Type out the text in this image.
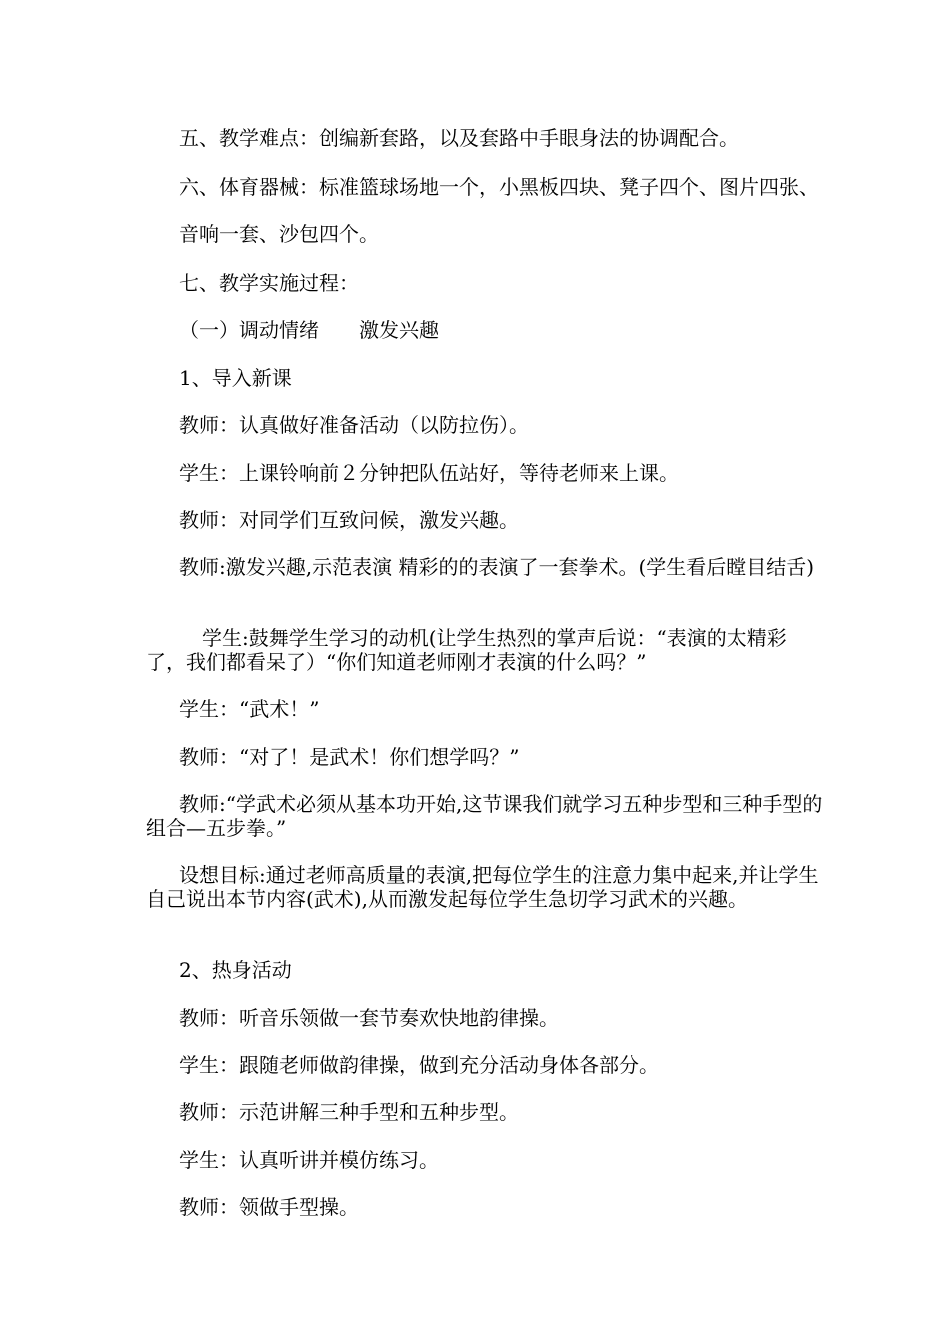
五、教学难点：创编新套路，以及套路中手眼身法的协调配合。
六、体育器械：标准篮球场地一个，小黑板四块、凳子四个、图片四张、
音响一套、沙包四个。
七、教学实施过程：
（一）调动情绪　　激发兴趣
1、导入新课
教师：认真做好准备活动（以防拉伤）。
学生：上课铃响前２分钟把队伍站好，等待老师来上课。
教师：对同学们互致问候，激发兴趣。
教师:激发兴趣,示范表演 精彩的的表演了一套拳术。(学生看后瞠目结舌)
学生:鼓舞学生学习的动机(让学生热烈的掌声后说：“表演的太精彩了，我们都看呆了）“你们知道老师刚才表演的什么吗？”
学生：“武术！”
教师：“对了！是武术！你们想学吗？”
教师:“学武术必须从基本功开始,这节课我们就学习五种步型和三种手型的组合—五步拳。”
设想目标:通过老师高质量的表演,把每位学生的注意力集中起来,并让学生自己说出本节内容(武术),从而激发起每位学生急切学习武术的兴趣。
2、热身活动
教师：听音乐领做一套节奏欢快地韵律操。
学生：跟随老师做韵律操，做到充分活动身体各部分。
教师：示范讲解三种手型和五种步型。
学生：认真听讲并模仿练习。
教师：领做手型操。
